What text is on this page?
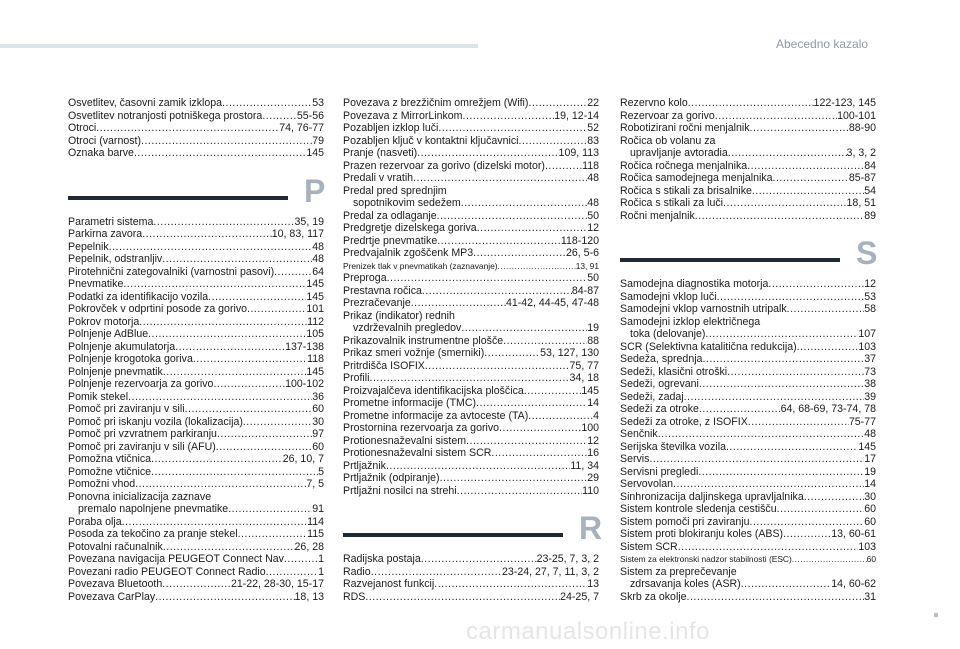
Abecedno kazalo
Osvetlitev, časovni zamik izklopa .....	53
Osvetlitev notranjosti potniškega prostora .....	55-56
Otroci .....	74, 76-77
Otroci (varnost) .....	79
Oznaka barve .....	145
P
Parametri sistema .....	35, 19
Parkirna zavora .....	10, 83, 117
Pepelnik .....	48
Pepelnik, odstranljiv .....	48
Pirotehnični zategovalniki (varnostni pasovi) .....	64
Pnevmatike .....	145
Podatki za identifikacijo vozila .....	145
Pokrovček v odprtini posode za gorivo .....	101
Pokrov motorja .....	112
Polnjenje AdBlue .....	105
Polnjenje akumulatorja .....	137-138
Polnjenje krogotoka goriva .....	118
Polnjenje pnevmatik .....	145
Polnjenje rezervoarja za gorivo .....	100-102
Pomik stekel .....	36
Pomoč pri zaviranju v sili .....	60
Pomoč pri iskanju vozila (lokalizacija) .....	30
Pomoč pri vzvratnem parkiranju .....	97
Pomoč pri zaviranju v sili (AFU) .....	60
Pomožna vtičnica .....	26, 10, 7
Pomožne vtičnice .....	5
Pomožni vhod .....	7, 5
Ponovna inicializacija zaznave
premalo napolnjene pnevmatike .....	91
Poraba olja .....	114
Posoda za tekočino za pranje stekel .....	115
Potovalni računalnik .....	26, 28
Povezana navigacija PEUGEOT Connect Nav .....	1
Povezani radio PEUGEOT Connect Radio .....	1
Povezava Bluetooth .....	21-22, 28-30, 15-17
Povezava CarPlay .....	18, 13
Povezava z brezžičnim omrežjem (Wifi) .....	22
Povezava z MirrorLinkom .....	19, 12-14
Pozabljen izklop luči .....	52
Pozabljen ključ v kontaktni ključavnici .....	83
Pranje (nasveti) .....	109, 113
Prazen rezervoar za gorivo (dizelski motor) .....	118
Predali v vratih .....	48
Predal pred sprednjim
sopotnikovim sedežem .....	48
Predal za odlaganje .....	50
Predgretje dizelskega goriva .....	12
Predrtje pnevmatike .....	118-120
Predvajalnik zgoščenk MP3 .....	26, 5-6
Prenizek tlak v pnevmatikah (zaznavanje) .....	13, 91
Preproga .....	50
Prestavna ročica .....	84-87
Prezračevanje .....	41-42, 44-45, 47-48
Prikaz (indikator) rednih
vzdrževalnih pregledov .....	19
Prikazovalnik instrumentne plošče .....	88
Prikaz smeri vožnje (smerniki) .....	53, 127, 130
Pritrdišča ISOFIX .....	75, 77
Profili .....	34, 18
Proizvajalčeva identifikacijska ploščica .....	145
Prometne informacije (TMC) .....	14
Prometne informacije za avtoceste (TA) .....	4
Prostornina rezervoarja za gorivo .....	100
Protionesnaževalni sistem .....	12
Protionesnaževalni sistem SCR .....	16
Prtljažnik .....	11, 34
Prtljažnik (odpiranje) .....	29
Prtljažni nosilci na strehi .....	110
R
Radijska postaja .....	23-25, 7, 3, 2
Radio .....	23-24, 27, 7, 11, 3, 2
Razvejanost funkcij .....	13
RDS .....	24-25, 7
Rezervno kolo .....	122-123, 145
Rezervoar za gorivo .....	100-101
Robotizirani ročni menjalnik .....	88-90
Ročica ob volanu za
upravljanje avtoradia .....	3, 3, 2
Ročica ročnega menjalnika .....	84
Ročica samodejnega menjalnika .....	85-87
Ročica s stikali za brisalnike .....	54
Ročica s stikali za luči .....	18, 51
Ročni menjalnik .....	89
S
Samodejna diagnostika motorja .....	12
Samodejni vklop luči .....	53
Samodejni vklop varnostnih utripalk .....	58
Samodejni izklop električnega
toka (delovanje) .....	107
SCR (Selektivna katalitična redukcija) .....	103
Sedeža, sprednja .....	37
Sedeži, klasični otroški .....	73
Sedeži, ogrevani .....	38
Sedeži, zadaj .....	39
Sedeži za otroke .....	64, 68-69, 73-74, 78
Sedeži za otroke, z ISOFIX .....	75-77
Senčnik .....	48
Serijska številka vozila .....	145
Servis .....	17
Servisni pregledi .....	19
Servovolan .....	14
Sinhronizacija daljinskega upravljalnika .....	30
Sistem kontrole sledenja cestišču .....	60
Sistem pomoči pri zaviranju .....	60
Sistem proti blokiranju koles (ABS) .....	13, 60-61
Sistem SCR .....	103
Sistem za elektronski nadzor stabilnosti (ESC) .....	60
Sistem za preprečevanje
zdrsavanja koles (ASR) .....	14, 60-62
Skrb za okolje .....	31
carmanualsonline.info
